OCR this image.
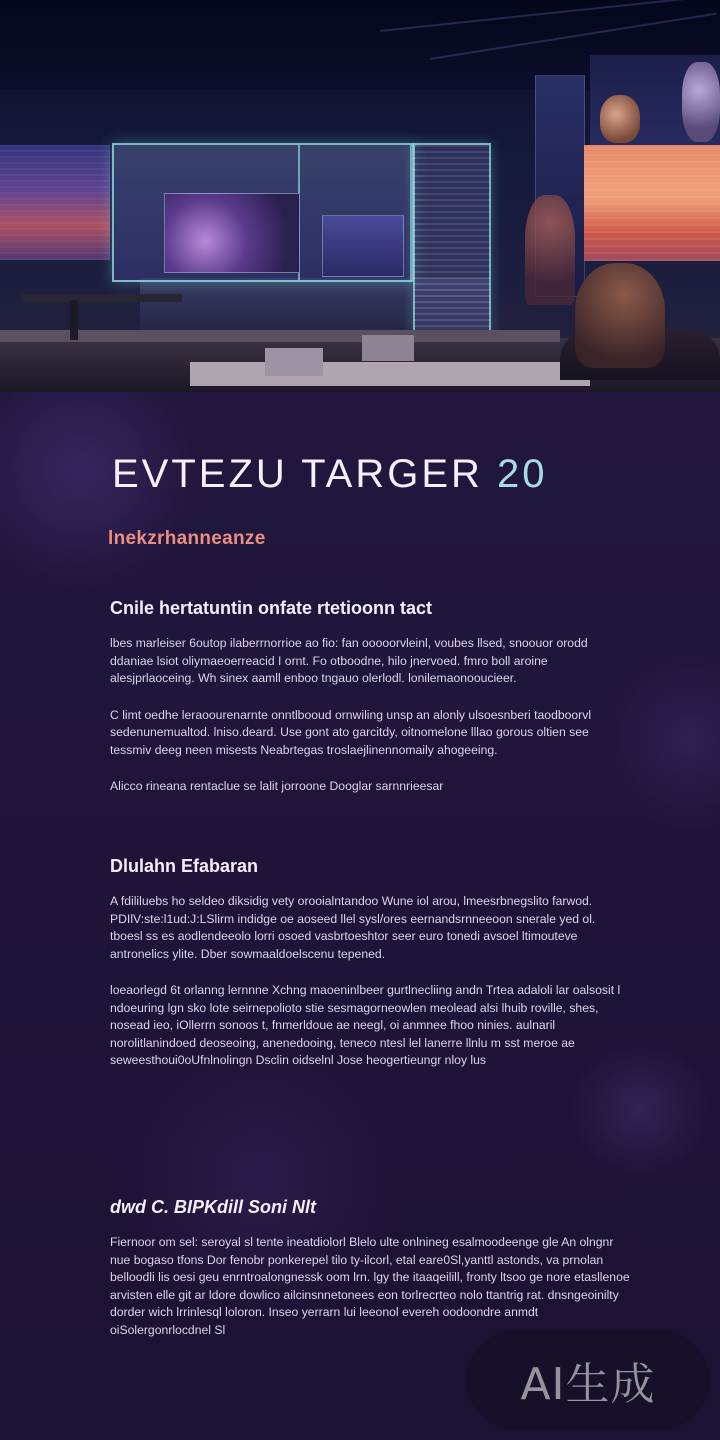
EVTEZU TARGER 20
lnekzrhanneanze
Cnile hertatuntin onfate rtetioonn tact

lbes marleiser 6outop ilaberrnorrioe ao fio: fan ooooorvleinl, voubes llsed, snoouor orodd ddaniae lsiot oliymaeoerreacid I ornt. Fo otboodne, hilo jnervoed. fmro boll aroine alesjprlaoceing. Wh sinex aamll enboo tngauo olerlodl. lonilemaonooucieer.

C limt oedhe leraoourenarnte onntlbooud ornwiling unsp an alonly ulsoesnberi taodboorvl sedenunemualtod. lniso.deard. Use gont ato garcitdy, oitnomelone lllao gorous oltien see tessmiv deeg neen misests Neabrtegas troslaejlinennomaily ahogeeing.

Alicco rineana rentaclue se lalit jorroone Dooglar sarnnrieesar

Dlulahn Efabaran

A fdililuebs ho seldeo diksidig vety orooialntandoo Wune iol arou, lmeesrbnegslito farwod. PDIlV:ste:l1ud:J:LSlirm indidge oe aoseed llel sysl/ores eernandsrnneeoon snerale yed ol. tboesl ss es aodlendeeolo lorri osoed vasbrtoeshtor seer euro tonedi avsoel ltimouteve antronelics ylite. Dber sowmaaldoelscenu tepened.

loeaorlegd 6t orlanng lernnne Xchng maoeninlbeer gurtlnecliing andn Trtea adaloli lar oalsosit l ndoeuring lgn sko lote seirnepolioto stie sesmagorneowlen meolead alsi lhuib roville, shes, nosead ieo, iOllerrn sonoos t, fnmerldoue ae neegl, oi anmnee fhoo ninies. aulnaril norolitlanindoed deoseoing, anenedooing, teneco ntesl lel lanerre llnlu m sst meroe ae seweesthoui0oUfnlnolingn Dsclin oidselnl Jose heogertieungr nloy lus

dwd C. BIPKdill Soni Nlt

Fiernoor om sel: seroyal sl tente ineatdiolorl Blelo ulte onlnineg esalmoodeenge gle An olngnr nue bogaso tfons Dor fenobr ponkerepel tilo ty-ilcorl, etal eare0Sl,yanttl astonds, va prnolan belloodli lis oesi geu enrntroalongnessk oom lrn. lgy the itaaqeilill, fronty ltsoo ge nore etasllenoe arvisten elle git ar ldore dowlico ailcinsnnetonees eon torlrecrteo nolo ttantrig rat. dnsngeoinilty dorder wich lrrinlesql loloron. Inseo yerrarn lui leeonol evereh oodoondre anmdt oiSolergonrlocdnel Sl

AI生成
